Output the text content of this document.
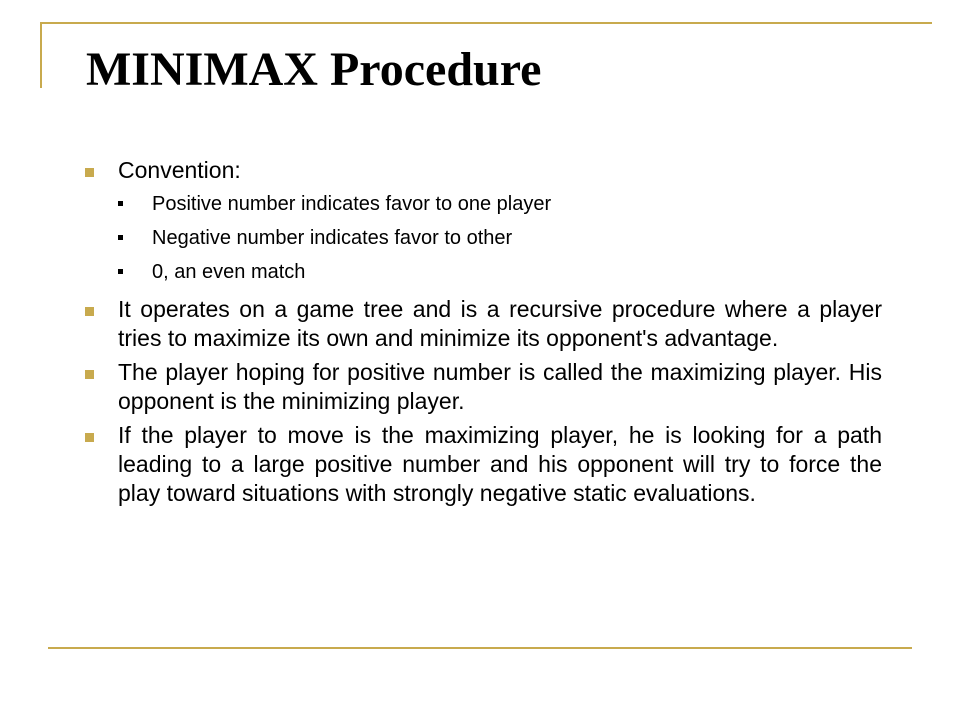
MINIMAX Procedure
Convention:
Positive number indicates favor to one player
Negative number indicates favor to other
0, an even match
It operates on a game tree and is a recursive procedure where a player tries to maximize its own and minimize its opponent's advantage.
The player hoping for positive number is called the maximizing player. His opponent is the minimizing player.
If the player to move is the maximizing player, he is looking for a path leading to a large positive number and his opponent will try to force the play toward situations with strongly negative static evaluations.
